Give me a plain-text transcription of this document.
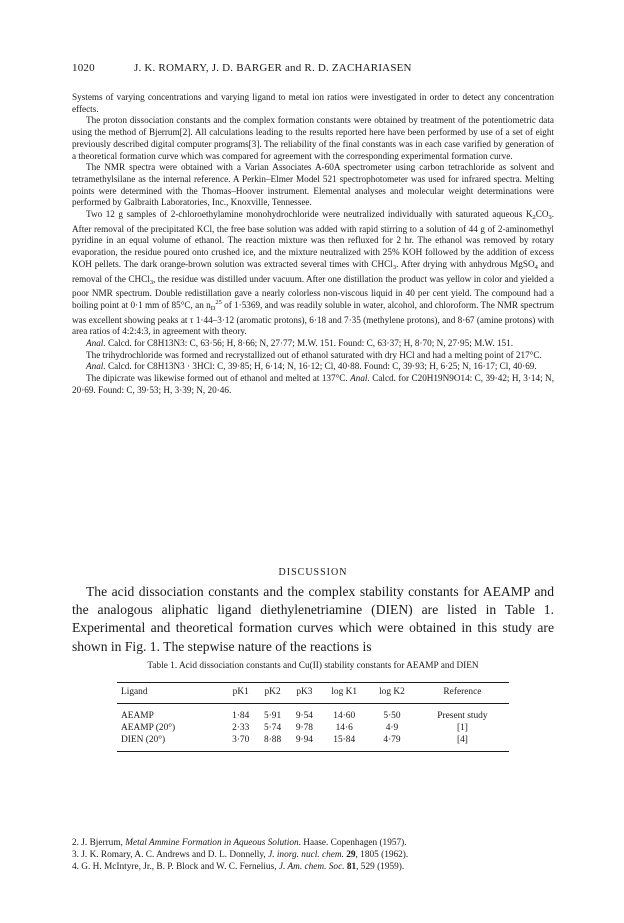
1020	J. K. ROMARY, J. D. BARGER and R. D. ZACHARIASEN

Systems of varying concentrations and varying ligand to metal ion ratios were investigated in order to detect any concentration effects.

The proton dissociation constants and the complex formation constants were obtained by treatment of the potentiometric data using the method of Bjerrum[2]. All calculations leading to the results reported here have been performed by use of a set of eight previously described digital computer programs[3]. The reliability of the final constants was in each case varified by generation of a theoretical formation curve which was compared for agreement with the corresponding experimental formation curve.

The NMR spectra were obtained with a Varian Associates A-60A spectrometer using carbon tetrachloride as solvent and tetramethylsilane as the internal reference. A Perkin–Elmer Model 521 spectrophotometer was used for infrared spectra. Melting points were determined with the Thomas–Hoover instrument. Elemental analyses and molecular weight determinations were performed by Galbraith Laboratories, Inc., Knoxville, Tennessee.

Two 12 g samples of 2-chloroethylamine monohydrochloride were neutralized individually with saturated aqueous $K_2CO_3$. After removal of the precipitated KCl, the free base solution was added with rapid stirring to a solution of 44 g of 2-aminomethyl pyridine in an equal volume of ethanol. The reaction mixture was then refluxed for 2 hr. The ethanol was removed by rotary evaporation, the residue poured onto crushed ice, and the mixture neutralized with 25% KOH followed by the addition of excess KOH pellets. The dark orange-brown solution was extracted several times with CHCl$_3$. After drying with anhydrous MgSO$_4$ and removal of the CHCl$_3$, the residue was distilled under vacuum. After one distillation the product was yellow in color and yielded a poor NMR spectrum. Double redistillation gave a nearly colorless non-viscous liquid in 40 per cent yield. The compound had a boiling point at 0·1 mm of 85°C, an $n_D^{25}$ of 1·5369, and was readily soluble in water, alcohol, and chloroform. The NMR spectrum was excellent showing peaks at τ 1·44–3·12 (aromatic protons), 6·18 and 7·35 (methylene protons), and 8·67 (amine protons) with area ratios of 4:2:4:3, in agreement with theory.

Anal. Calcd. for C8H13N3: C, 63·56; H, 8·66; N, 27·77; M.W. 151. Found: C, 63·37; H, 8·70; N, 27·95; M.W. 151.

The trihydrochloride was formed and recrystallized out of ethanol saturated with dry HCl and had a melting point of 217°C.

Anal. Calcd. for C8H13N3 · 3HCl: C, 39·85; H, 6·14; N, 16·12; Cl, 40·88. Found: C, 39·93; H, 6·25; N, 16·17; Cl, 40·69.

The dipicrate was likewise formed out of ethanol and melted at 137°C. Anal. Calcd. for C20H19N9O14: C, 39·42; H, 3·14; N, 20·69. Found: C, 39·53; H, 3·39; N, 20·46.

DISCUSSION

The acid dissociation constants and the complex stability constants for AEAMP and the analogous aliphatic ligand diethylenetriamine (DIEN) are listed in Table 1. Experimental and theoretical formation curves which were obtained in this study are shown in Fig. 1. The stepwise nature of the reactions is

Table 1. Acid dissociation constants and Cu(II) stability constants for AEAMP and DIEN
Ligand	pK1	pK2	pK3	log K1	log K2	Reference
AEAMP	1·84	5·91	9·54	14·60	5·50	Present study
AEAMP (20°)	2·33	5·74	9·78	14·6	4·9	[1]
DIEN (20°)	3·70	8·88	9·94	15·84	4·79	[4]
2. J. Bjerrum, Metal Ammine Formation in Aqueous Solution. Haase. Copenhagen (1957).
3. J. K. Romary, A. C. Andrews and D. L. Donnelly, J. inorg. nucl. chem. 29, 1805 (1962).
4. G. H. McIntyre, Jr., B. P. Block and W. C. Fernelius, J. Am. chem. Soc. 81, 529 (1959).
